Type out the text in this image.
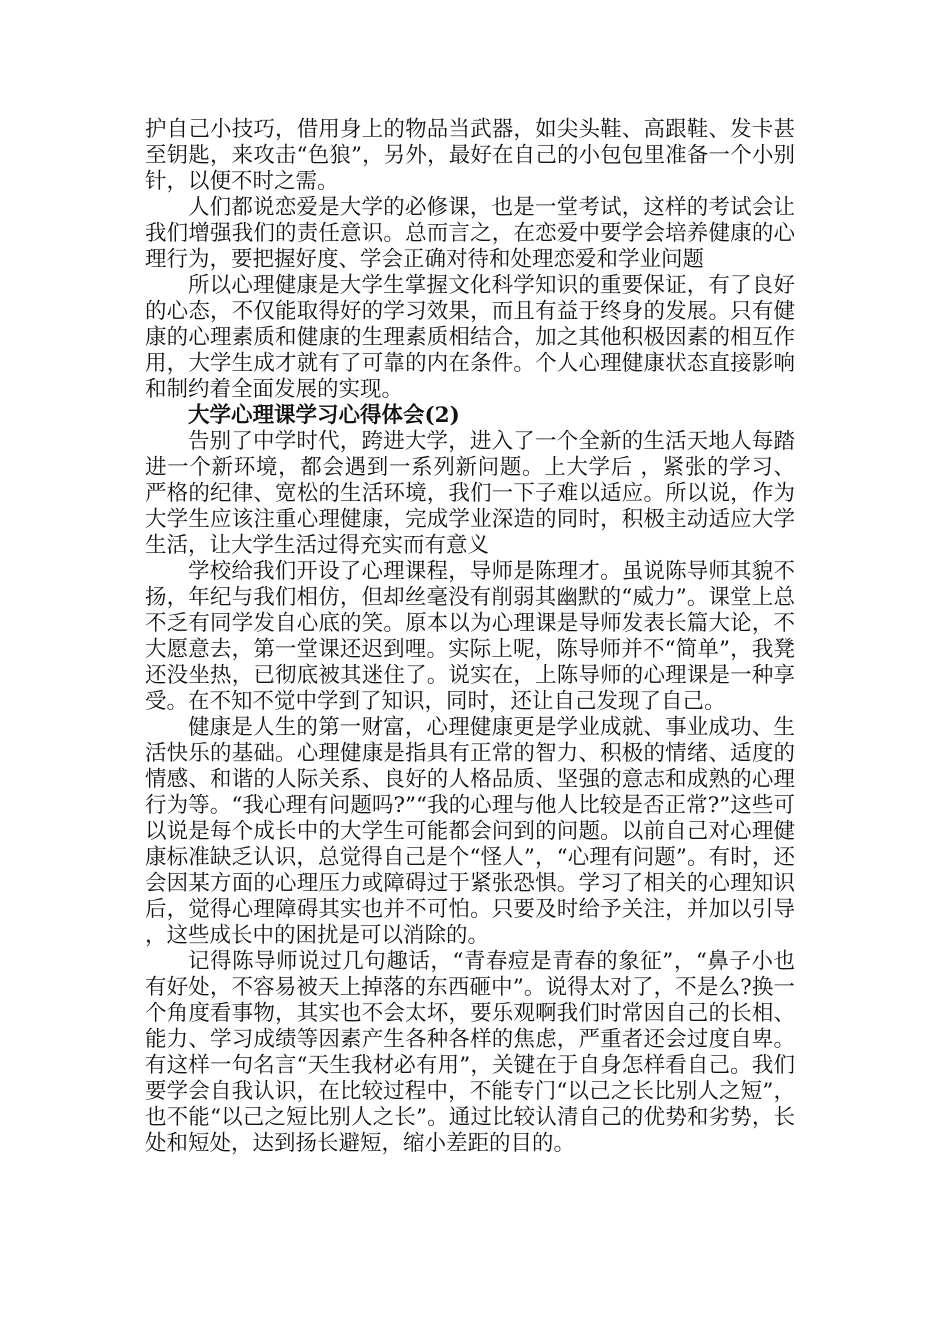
护自己小技巧，借用身上的物品当武器，如尖头鞋、高跟鞋、发卡甚至钥匙，来攻击“色狼”，另外，最好在自己的小包包里准备一个小别针，以便不时之需。

人们都说恋爱是大学的必修课，也是一堂考试，这样的考试会让我们增强我们的责任意识。总而言之，在恋爱中要学会培养健康的心理行为，要把握好度、学会正确对待和处理恋爱和学业问题

所以心理健康是大学生掌握文化科学知识的重要保证，有了良好的心态，不仅能取得好的学习效果，而且有益于终身的发展。只有健康的心理素质和健康的生理素质相结合，加之其他积极因素的相互作用，大学生成才就有了可靠的内在条件。个人心理健康状态直接影响和制约着全面发展的实现。

大学心理课学习心得体会(2)

告别了中学时代，跨进大学，进入了一个全新的生活天地人每踏进一个新环境，都会遇到一系列新问题。上大学后 ，紧张的学习、严格的纪律、宽松的生活环境，我们一下子难以适应。所以说，作为大学生应该注重心理健康，完成学业深造的同时，积极主动适应大学生活，让大学生活过得充实而有意义

学校给我们开设了心理课程，导师是陈理才。虽说陈导师其貌不扬，年纪与我们相仿，但却丝毫没有削弱其幽默的“威力”。课堂上总不乏有同学发自心底的笑。原本以为心理课是导师发表长篇大论，不大愿意去，第一堂课还迟到哩。实际上呢，陈导师并不“简单”，我凳还没坐热，已彻底被其迷住了。说实在，上陈导师的心理课是一种享受。在不知不觉中学到了知识，同时，还让自己发现了自己。

健康是人生的第一财富，心理健康更是学业成就、事业成功、生活快乐的基础。心理健康是指具有正常的智力、积极的情绪、适度的情感、和谐的人际关系、良好的人格品质、坚强的意志和成熟的心理行为等。“我心理有问题吗?”“我的心理与他人比较是否正常?”这些可以说是每个成长中的大学生可能都会问到的问题。以前自己对心理健康标准缺乏认识，总觉得自己是个“怪人”，“心理有问题”。有时，还会因某方面的心理压力或障碍过于紧张恐惧。学习了相关的心理知识后，觉得心理障碍其实也并不可怕。只要及时给予关注，并加以引导，这些成长中的困扰是可以消除的。

记得陈导师说过几句趣话，“青春痘是青春的象征”，“鼻子小也有好处，不容易被天上掉落的东西砸中”。说得太对了，不是么?换一个角度看事物，其实也不会太坏，要乐观啊我们时常因自己的长相、能力、学习成绩等因素产生各种各样的焦虑，严重者还会过度自卑。有这样一句名言“天生我材必有用”，关键在于自身怎样看自己。我们要学会自我认识，在比较过程中，不能专门“以己之长比别人之短”，也不能“以己之短比别人之长”。通过比较认清自己的优势和劣势，长处和短处，达到扬长避短，缩小差距的目的。
